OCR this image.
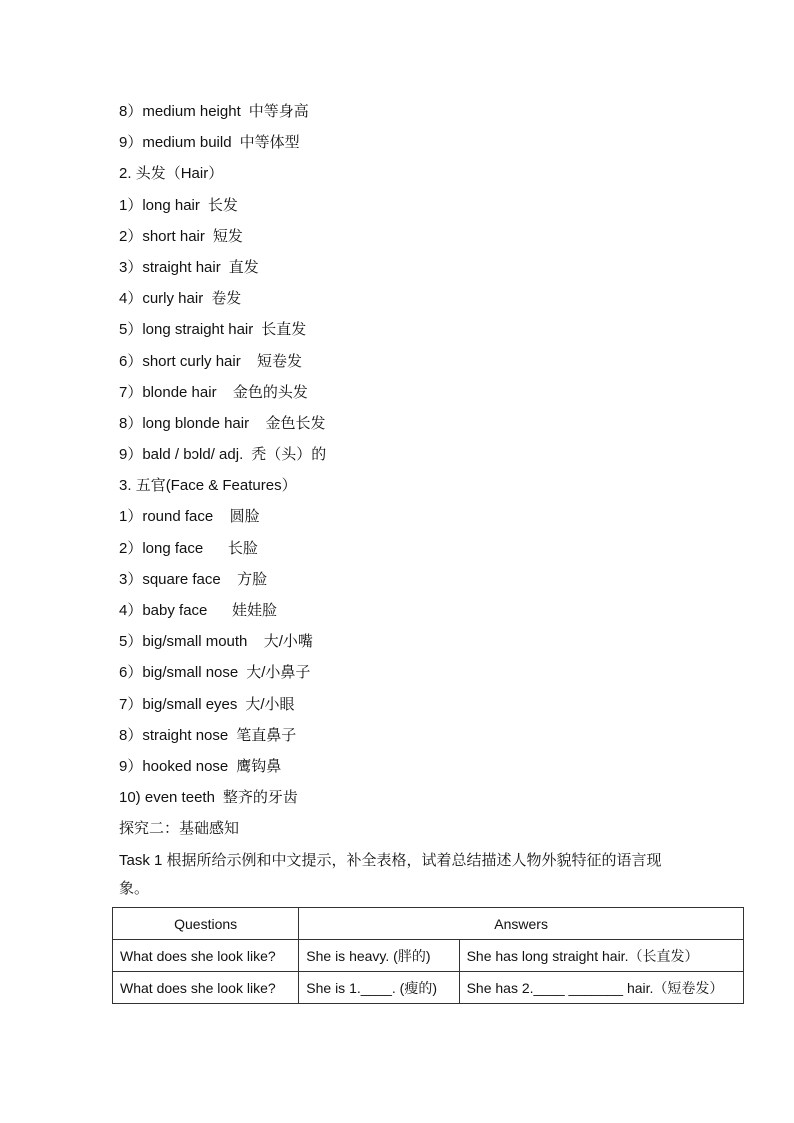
8）medium height 中等身高
9）medium build 中等体型
2. 头发（Hair）
1）long hair 长发
2）short hair 短发
3）straight hair 直发
4）curly hair 卷发
5）long straight hair 长直发
6）short curly hair  短卷发
7）blonde hair  金色的头发
8）long blonde hair  金色长发
9）bald / bɔld/ adj. 秃（头）的
3. 五官(Face & Features）
1）round face  圆脸
2）long face    长脸
3）square face  方脸
4）baby face    娃娃脸
5）big/small mouth  大/小嘴
6）big/small nose 大/小鼻子
7）big/small eyes 大/小眼
8）straight nose 笔直鼻子
9）hooked nose 鹰钩鼻
10) even teeth 整齐的牙齿
探究二：基础感知
Task 1 根据所给示例和中文提示，补全表格，试着总结描述人物外貌特征的语言现象。
Questions	Answers	
What does she look like?	She is heavy. (胖的)	She has long straight hair.（长直发）
What does she look like?	She is 1.____. (瘦的)	She has 2.____ _______ hair.（短卷发）
